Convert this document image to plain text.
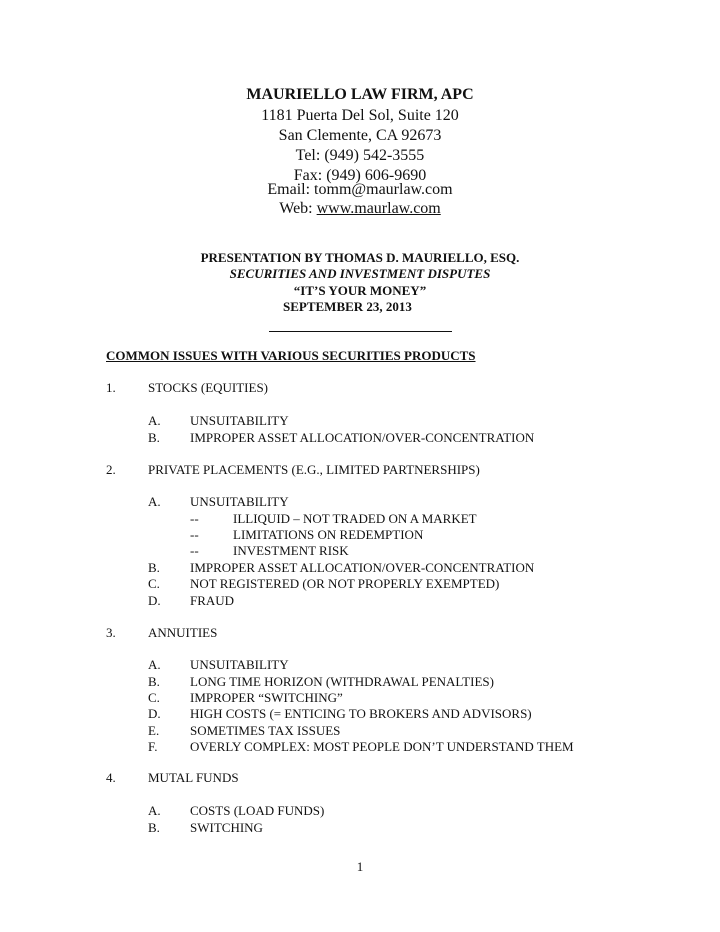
MAURIELLO LAW FIRM, APC
1181 Puerta Del Sol, Suite 120
San Clemente, CA 92673
Tel: (949) 542-3555
Fax: (949) 606-9690
Email: tomm@maurlaw.com
Web: www.maurlaw.com
PRESENTATION BY THOMAS D. MAURIELLO, ESQ.
SECURITIES AND INVESTMENT DISPUTES
“IT’S YOUR MONEY”
SEPTEMBER 23, 2013
COMMON ISSUES WITH VARIOUS SECURITIES PRODUCTS
1. STOCKS (EQUITIES)
A. UNSUITABILITY
B. IMPROPER ASSET ALLOCATION/OVER-CONCENTRATION
2. PRIVATE PLACEMENTS (E.G., LIMITED PARTNERSHIPS)
A. UNSUITABILITY
--	ILLIQUID – NOT TRADED ON A MARKET
--	LIMITATIONS ON REDEMPTION
--	INVESTMENT RISK
B. IMPROPER ASSET ALLOCATION/OVER-CONCENTRATION
C. NOT REGISTERED (OR NOT PROPERLY EXEMPTED)
D. FRAUD
3. ANNUITIES
A. UNSUITABILITY
B. LONG TIME HORIZON (WITHDRAWAL PENALTIES)
C. IMPROPER “SWITCHING”
D. HIGH COSTS (= ENTICING TO BROKERS AND ADVISORS)
E. SOMETIMES TAX ISSUES
F.	OVERLY COMPLEX: MOST PEOPLE DON’T UNDERSTAND THEM
4. MUTAL FUNDS
A. COSTS (LOAD FUNDS)
B. SWITCHING
1
